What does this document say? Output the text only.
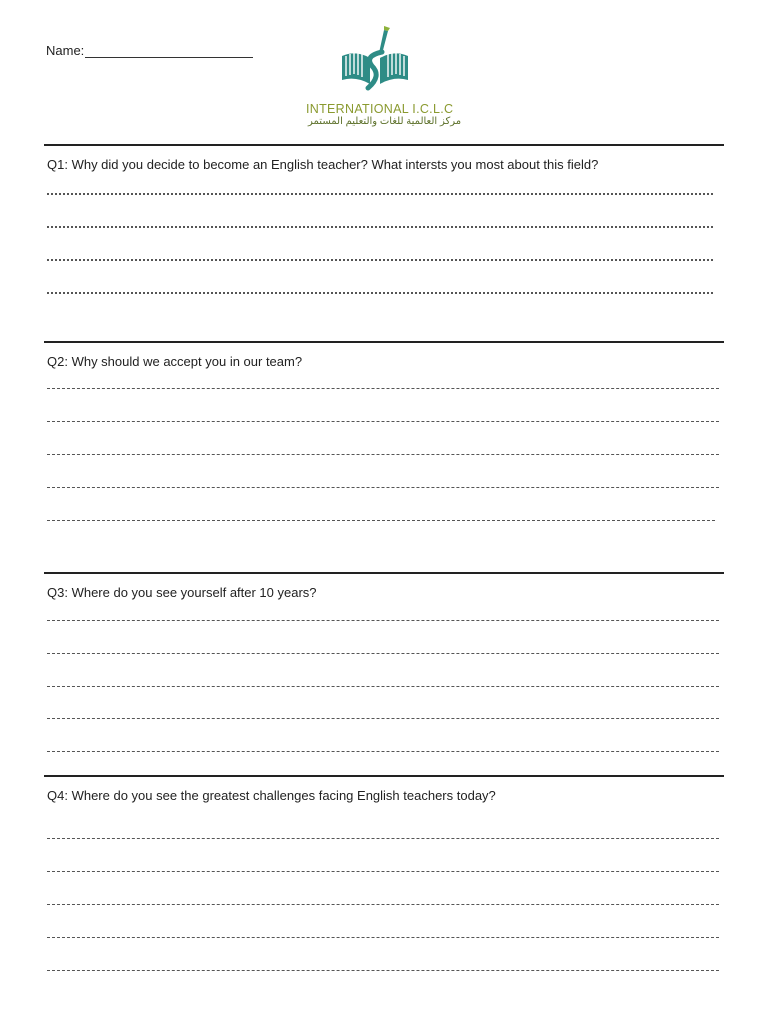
Name:
INTERNATIONAL I.C.L.C
مركز العالمية للغات والتعليم المستمر
Q1: Why did you decide to become an English teacher? What intersts you most about this field?
Q2: Why should we accept you in our team?
Q3: Where do you see yourself after 10 years?
Q4: Where do you see the greatest challenges facing English teachers today?
